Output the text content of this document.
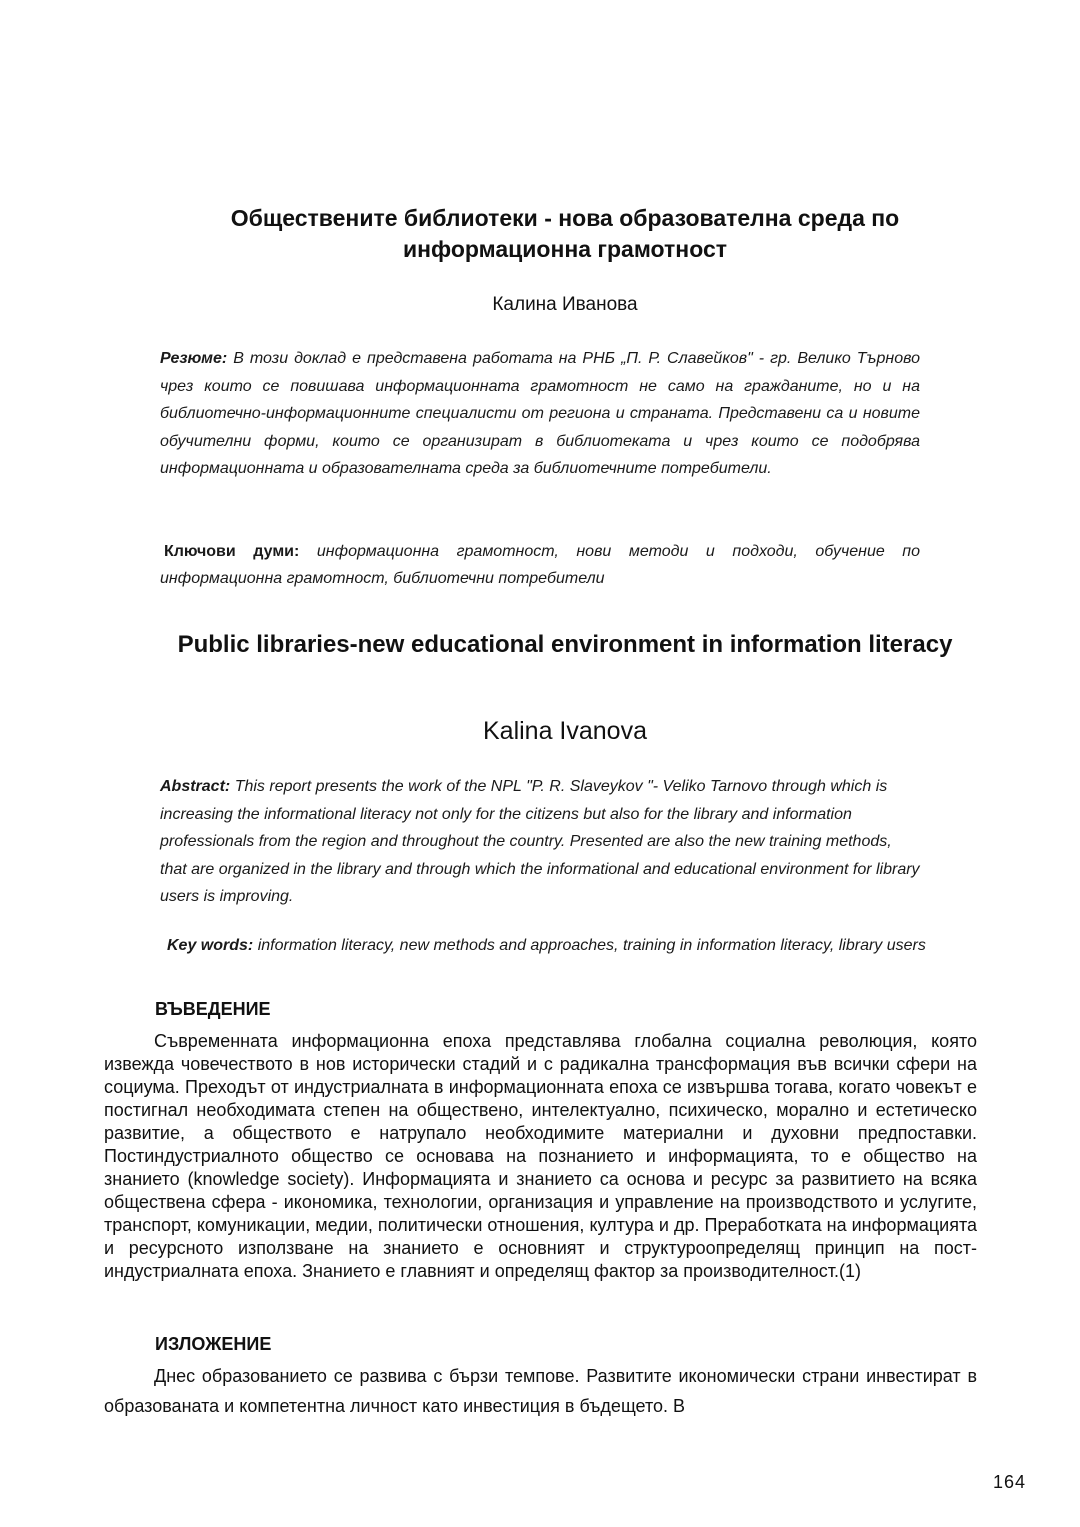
Обществените библиотеки - нова образователна среда по информационна грамотност
Калина Иванова
Резюме: В този доклад е представена работата на РНБ „П. Р. Славейков" - гр. Велико Търново чрез които се повишава информационната грамотност не само на гражданите, но и на библиотечно-информационните специалисти от региона и страната. Представени са и новите обучителни форми, които се организират в библиотеката и чрез които се подобрява информационната и образователната среда за библиотечните потребители.
Ключови думи: информационна грамотност, нови методи и подходи, обучение по информационна грамотност, библиотечни потребители
Public libraries-new educational environment in information literacy
Kalina Ivanova
Abstract: This report presents the work of the NPL "P. R. Slaveykov "- Veliko Tarnovo through which is increasing the informational literacy not only for the citizens but also for the library and information professionals from the region and throughout the country. Presented are also the new training methods, that are organized in the library and through which the informational and educational environment for library users is improving.
Key words: information literacy, new methods and approaches, training in information literacy, library users
ВЪВЕДЕНИЕ
Съвременната информационна епоха представлява глобална социална революция, която извежда човечеството в нов исторически стадий и с радикална трансформация във всички сфери на социума. Преходът от индустриалната в информационната епоха се извършва тогава, когато човекът е постигнал необходимата степен на обществено, интелектуално, психическо, морално и естетическо развитие, а обществото е натрупало необходимите материални и духовни предпоставки. Постиндустриалното общество се основава на познанието и информацията, то е общество на знанието (knowledge society). Информацията и знанието са основа и ресурс за развитието на всяка обществена сфера - икономика, технологии, организация и управление на производството и услугите, транспорт, комуникации, медии, политически отношения, култура и др. Преработката на информацията и ресурсното използване на знанието е основният и структуроопределящ принцип на пост-индустриалната епоха. Знанието е главният и определящ фактор за производителност.(1)
ИЗЛОЖЕНИЕ
Днес образованието се развива с бързи темпове. Развитите икономически страни инвестират в образованата и компетентна личност като инвестиция в бъдещето. В
164
